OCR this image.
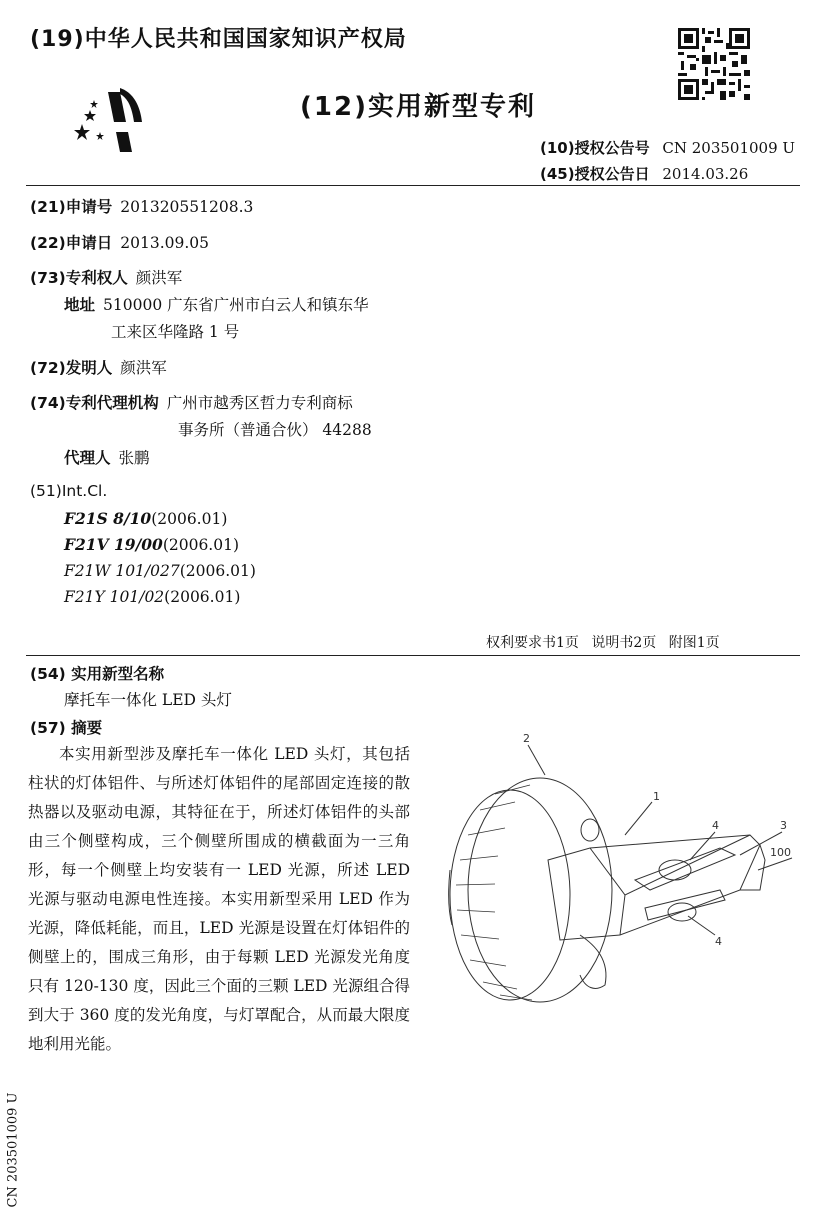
(19)中华人民共和国国家知识产权局
(12)实用新型专利
(10)授权公告号 CN 203501009 U
(45)授权公告日 2014.03.26
(21)申请号 201320551208.3
(22)申请日 2013.09.05
(73)专利权人 颜洪军
地址 510000 广东省广州市白云人和镇东华
工来区华隆路 1 号
(72)发明人 颜洪军
(74)专利代理机构 广州市越秀区哲力专利商标
事务所（普通合伙） 44288
代理人 张鹏
(51)Int.Cl.
F21S 8/10(2006.01)
F21V 19/00(2006.01)
F21W 101/027(2006.01)
F21Y 101/02(2006.01)
权利要求书1页 说明书2页 附图1页
(54) 实用新型名称
摩托车一体化 LED 头灯
(57) 摘要
本实用新型涉及摩托车一体化 LED 头灯，其包括柱状的灯体铝件、与所述灯体铝件的尾部固定连接的散热器以及驱动电源，其特征在于，所述灯体铝件的头部由三个侧壁构成，三个侧壁所围成的横截面为一三角形，每一个侧壁上均安装有一 LED 光源，所述 LED 光源与驱动电源电性连接。本实用新型采用 LED 作为光源，降低耗能，而且，LED 光源是设置在灯体铝件的侧壁上的，围成三角形，由于每颗 LED 光源发光角度只有 120-130 度，因此三个面的三颗 LED 光源组合得到大于 360 度的发光角度，与灯罩配合，从而最大限度地利用光能。
2
1
4	3
100
4
CN 203501009 U
